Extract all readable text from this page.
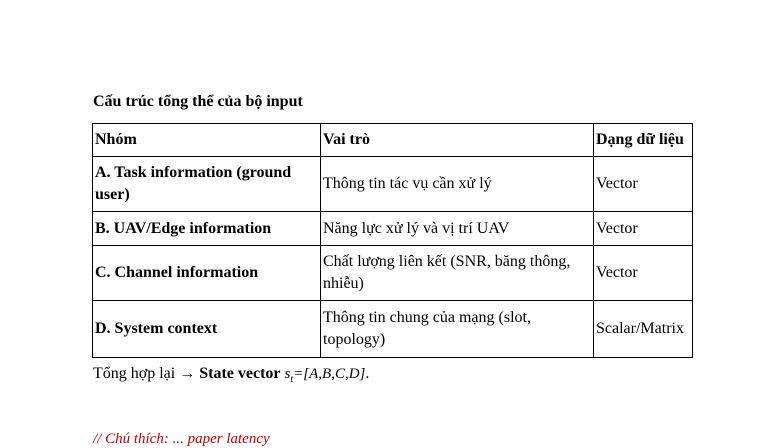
Cấu trúc tổng thể của bộ input
Nhóm	Vai trò	Dạng dữ liệu
A. Task information (ground user)	Thông tin tác vụ cần xử lý	Vector
B. UAV/Edge information	Năng lực xử lý và vị trí UAV	Vector
C. Channel information	Chất lượng liên kết (SNR, băng thông, nhiễu)	Vector
D. System context	Thông tin chung của mạng (slot, topology)	Scalar/Matrix
Tổng hợp lại → State vector $s_t=[A,B,C,D]$.
// Chú thích: ... paper latency
